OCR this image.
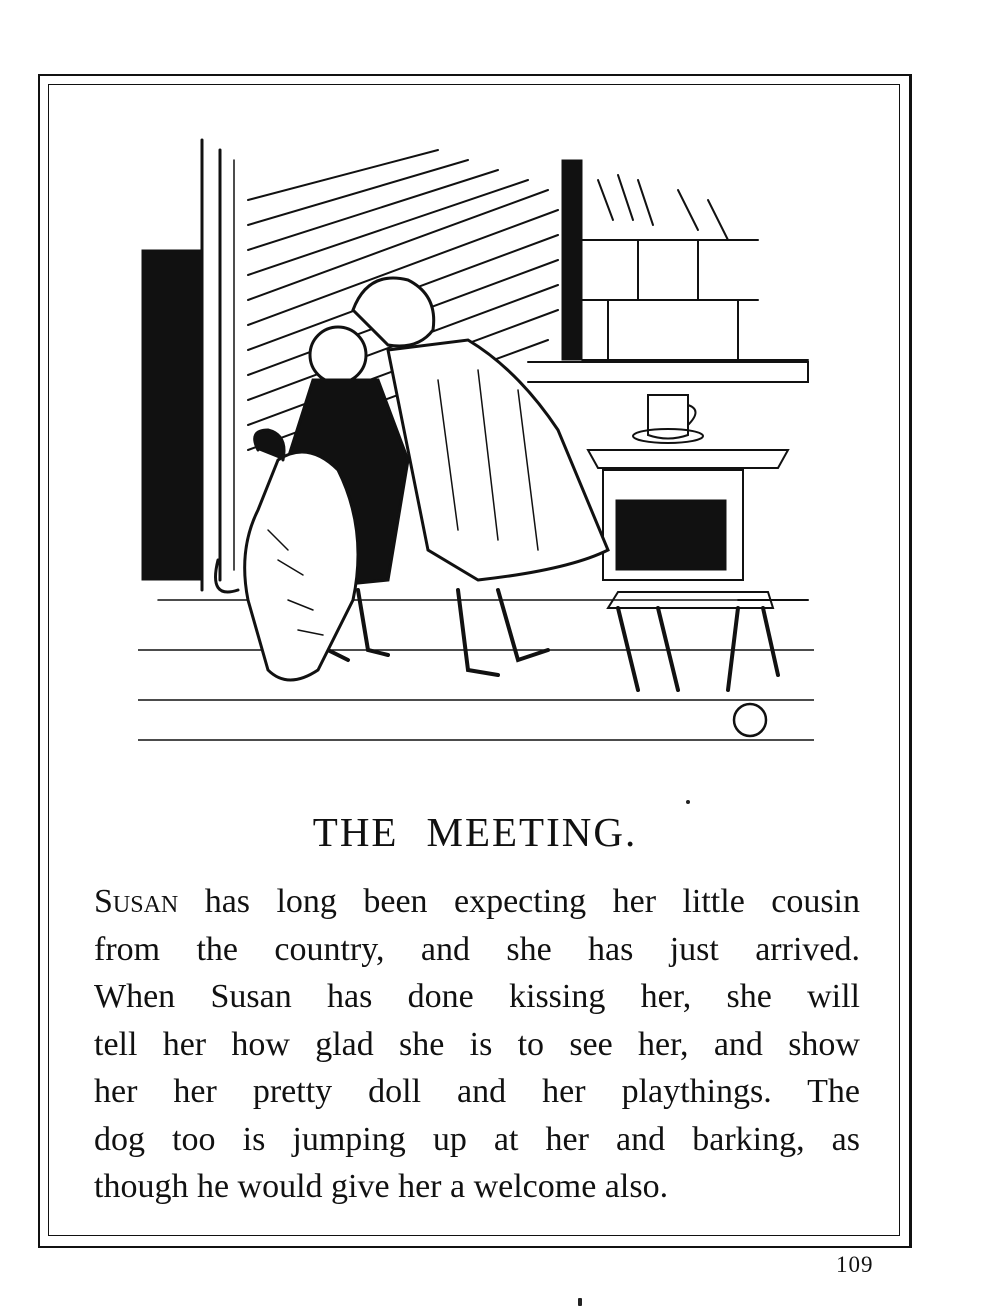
THE MEETING.
Susan has long been expecting her little cousin
from the country, and she has just arrived.
When Susan has done kissing her, she will
tell her how glad she is to see her, and show
her her pretty doll and her playthings. The
dog too is jumping up at her and barking, as
though he would give her a welcome also.
109
